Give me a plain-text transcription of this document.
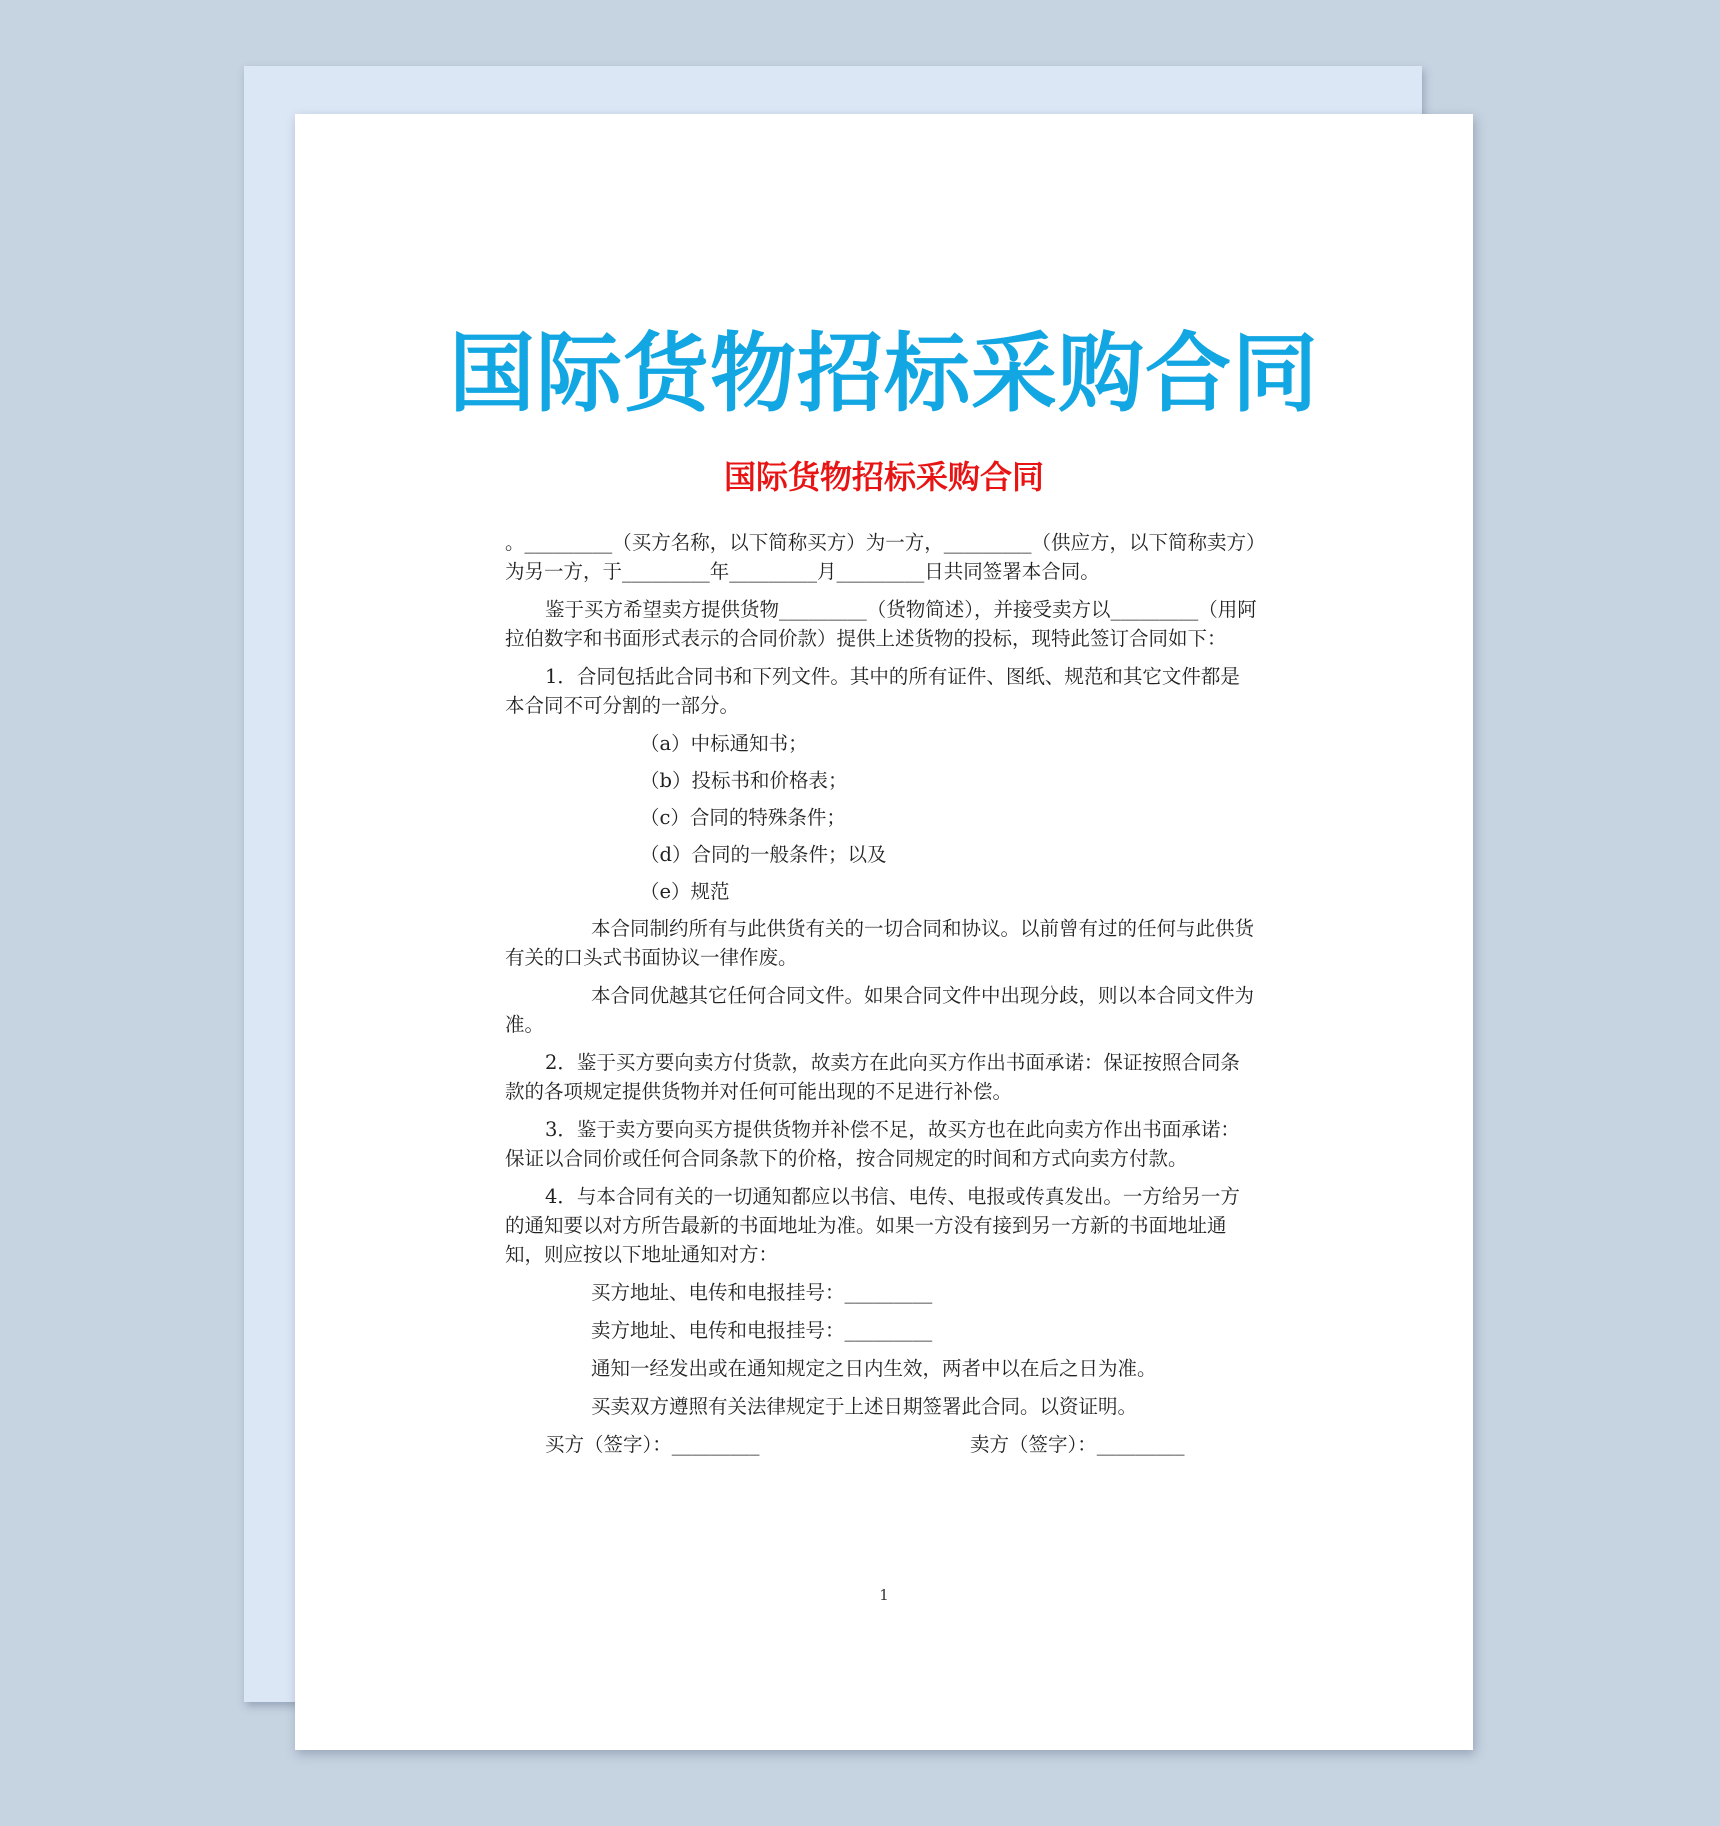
国际货物招标采购合同
国际货物招标采购合同

。_________（买方名称，以下简称买方）为一方，_________（供应方，以下简称卖方）为另一方，于_________年_________月_________日共同签署本合同。

鉴于买方希望卖方提供货物_________（货物简述），并接受卖方以_________（用阿拉伯数字和书面形式表示的合同价款）提供上述货物的投标，现特此签订合同如下：

1．合同包括此合同书和下列文件。其中的所有证件、图纸、规范和其它文件都是本合同不可分割的一部分。

（a）中标通知书；

（b）投标书和价格表；

（c）合同的特殊条件；

（d）合同的一般条件；以及

（e）规范

本合同制约所有与此供货有关的一切合同和协议。以前曾有过的任何与此供货有关的口头式书面协议一律作废。

本合同优越其它任何合同文件。如果合同文件中出现分歧，则以本合同文件为准。

2．鉴于买方要向卖方付货款，故卖方在此向买方作出书面承诺：保证按照合同条款的各项规定提供货物并对任何可能出现的不足进行补偿。

3．鉴于卖方要向买方提供货物并补偿不足，故买方也在此向卖方作出书面承诺：保证以合同价或任何合同条款下的价格，按合同规定的时间和方式向卖方付款。

4．与本合同有关的一切通知都应以书信、电传、电报或传真发出。一方给另一方的通知要以对方所告最新的书面地址为准。如果一方没有接到另一方新的书面地址通知，则应按以下地址通知对方：

买方地址、电传和电报挂号：_________

卖方地址、电传和电报挂号：_________

通知一经发出或在通知规定之日内生效，两者中以在后之日为准。

买卖双方遵照有关法律规定于上述日期签署此合同。以资证明。

买方（签字）：_________	卖方（签字）：_________
1
